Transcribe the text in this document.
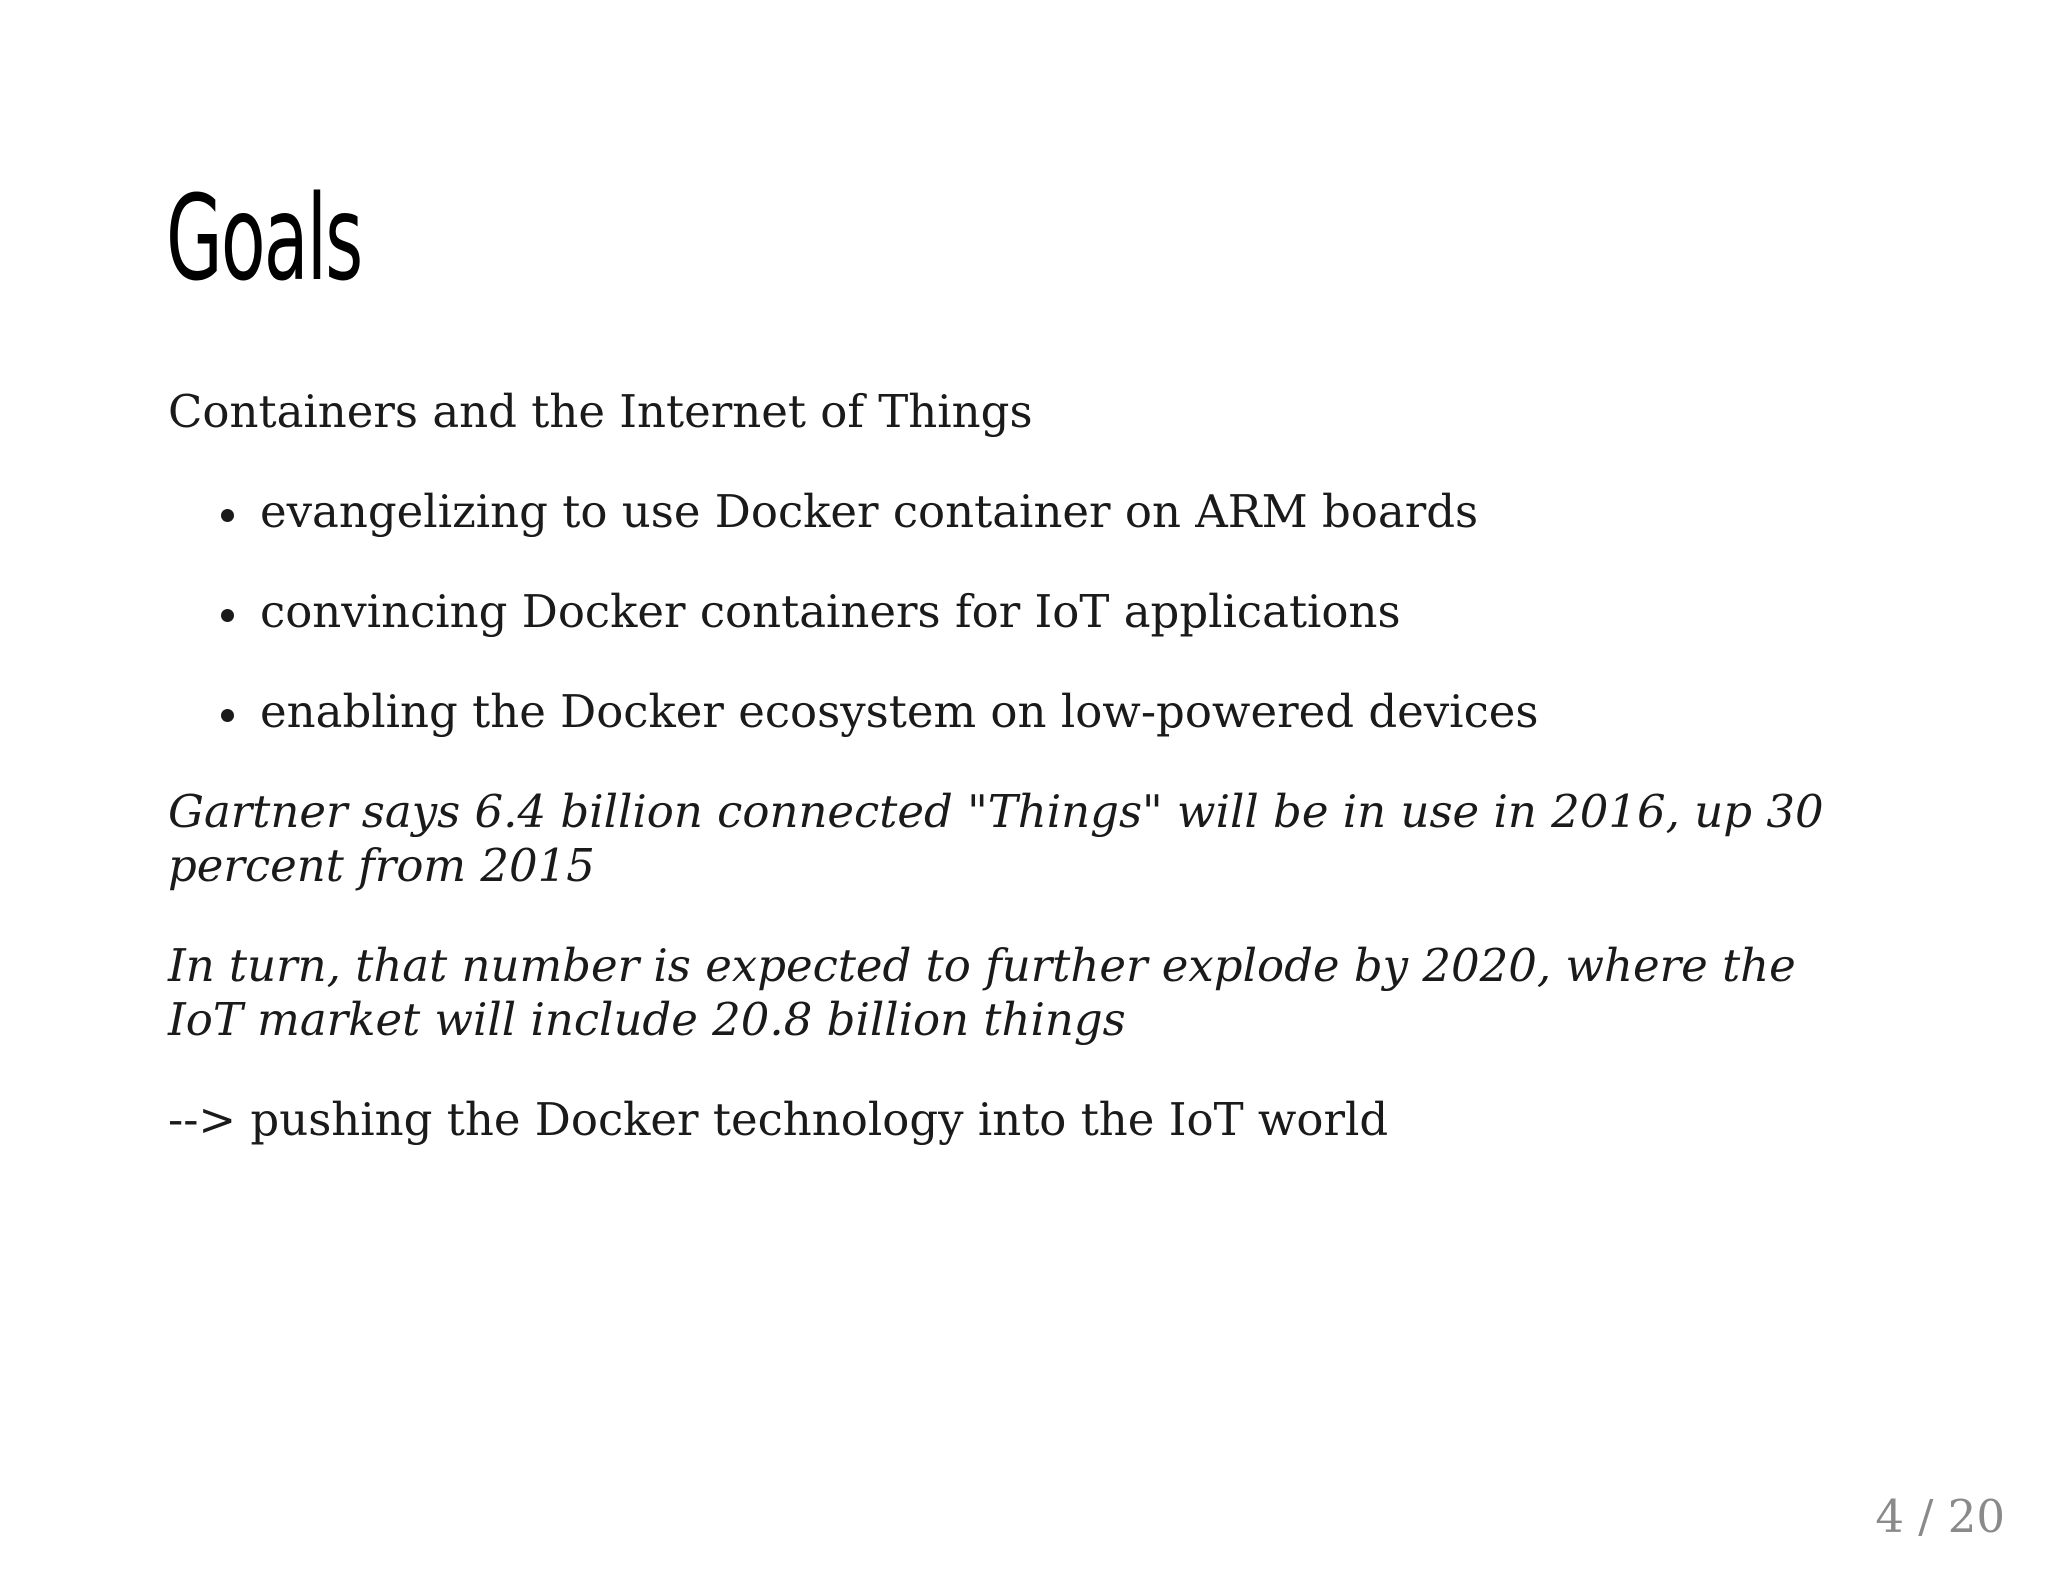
Goals

Containers and the Internet of Things

evangelizing to use Docker container on ARM boards
convincing Docker containers for IoT applications
enabling the Docker ecosystem on low-powered devices

Gartner says 6.4 billion connected "Things" will be in use in 2016, up 30 percent from 2015

In turn, that number is expected to further explode by 2020, where the IoT market will include 20.8 billion things

--> pushing the Docker technology into the IoT world

4 / 20
